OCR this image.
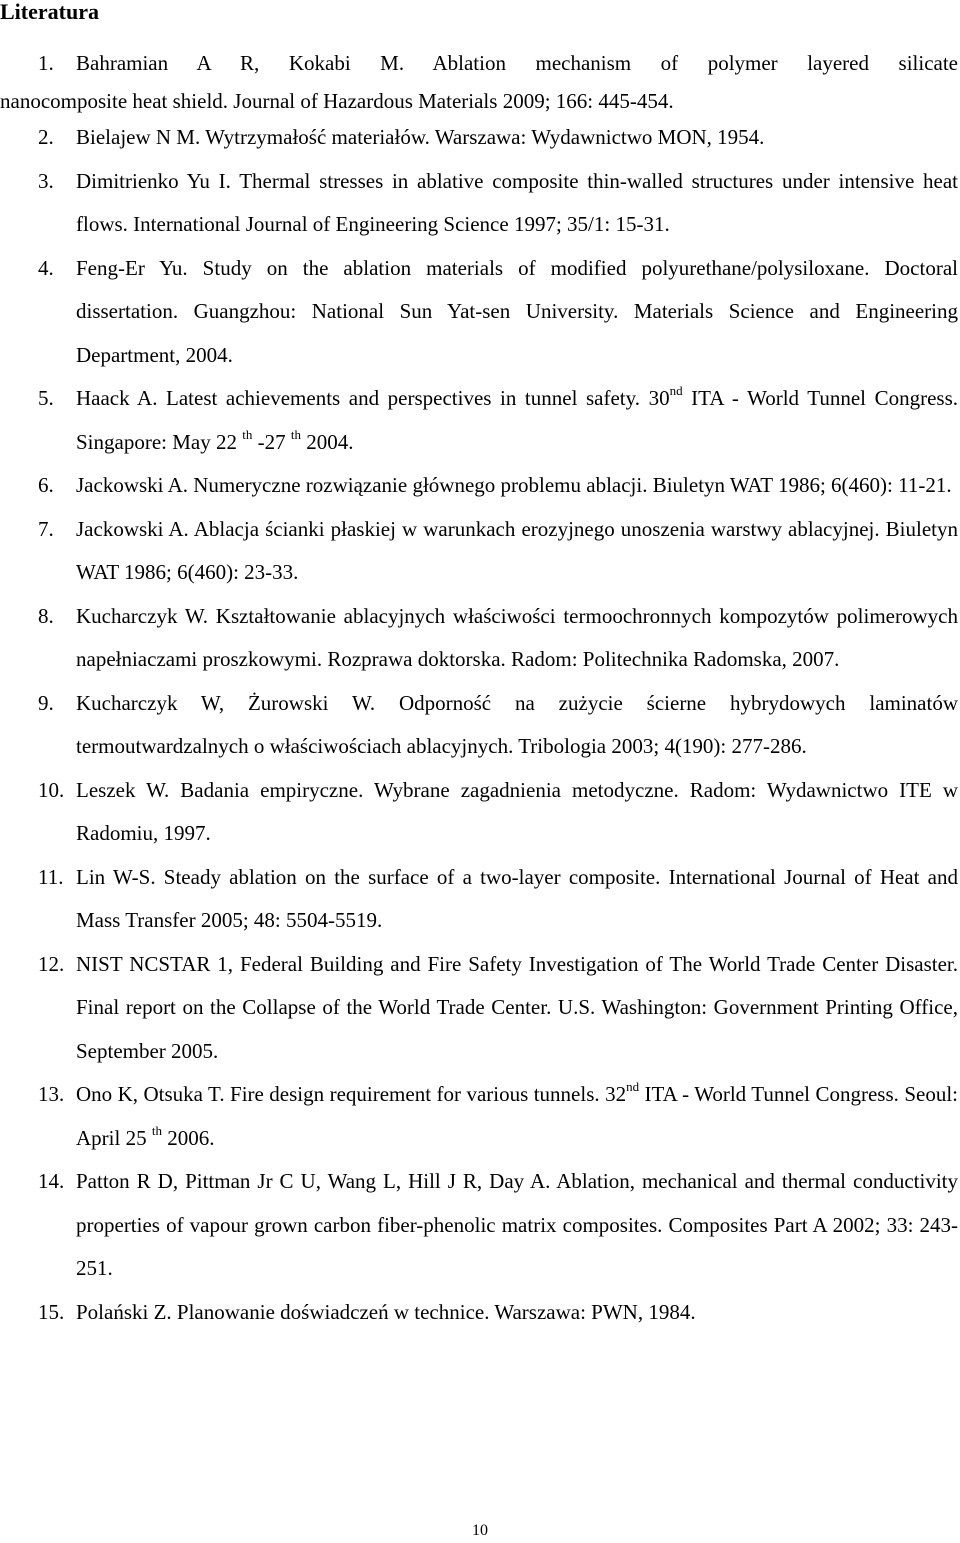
Literatura
1. Bahramian A R, Kokabi M. Ablation mechanism of polymer layered silicate
nanocomposite heat shield. Journal of Hazardous Materials 2009; 166: 445-454.
2. Bielajew N M. Wytrzymałość materiałów. Warszawa: Wydawnictwo MON, 1954.
3. Dimitrienko Yu I. Thermal stresses in ablative composite thin-walled structures under intensive heat flows. International Journal of Engineering Science 1997; 35/1: 15-31.
4. Feng-Er Yu. Study on the ablation materials of modified polyurethane/polysiloxane. Doctoral dissertation. Guangzhou: National Sun Yat-sen University. Materials Science and Engineering Department, 2004.
5. Haack A. Latest achievements and perspectives in tunnel safety. 30nd ITA - World Tunnel Congress. Singapore: May 22 $^{th}$ -27 $^{th}$ 2004.
6. Jackowski A. Numeryczne rozwiązanie głównego problemu ablacji. Biuletyn WAT 1986; 6(460): 11-21.
7. Jackowski A. Ablacja ścianki płaskiej w warunkach erozyjnego unoszenia warstwy ablacyjnej. Biuletyn WAT 1986; 6(460): 23-33.
8. Kucharczyk W. Kształtowanie ablacyjnych właściwości termoochronnych kompozytów polimerowych napełniaczami proszkowymi. Rozprawa doktorska. Radom: Politechnika Radomska, 2007.
9. Kucharczyk W, Żurowski W. Odporność na zużycie ścierne hybrydowych laminatów termoutwardzalnych o właściwościach ablacyjnych. Tribologia 2003; 4(190): 277-286.
10. Leszek W. Badania empiryczne. Wybrane zagadnienia metodyczne. Radom: Wydawnictwo ITE w Radomiu, 1997.
11. Lin W-S. Steady ablation on the surface of a two-layer composite. International Journal of Heat and Mass Transfer 2005; 48: 5504-5519.
12. NIST NCSTAR 1, Federal Building and Fire Safety Investigation of The World Trade Center Disaster. Final report on the Collapse of the World Trade Center. U.S. Washington: Government Printing Office, September 2005.
13. Ono K, Otsuka T. Fire design requirement for various tunnels. 32nd ITA - World Tunnel Congress. Seoul: April 25 $^{th}$ 2006.
14. Patton R D, Pittman Jr C U, Wang L, Hill J R, Day A. Ablation, mechanical and thermal conductivity properties of vapour grown carbon fiber-phenolic matrix composites. Composites Part A 2002; 33: 243-251.
15. Polański Z. Planowanie doświadczeń w technice. Warszawa: PWN, 1984.
10
